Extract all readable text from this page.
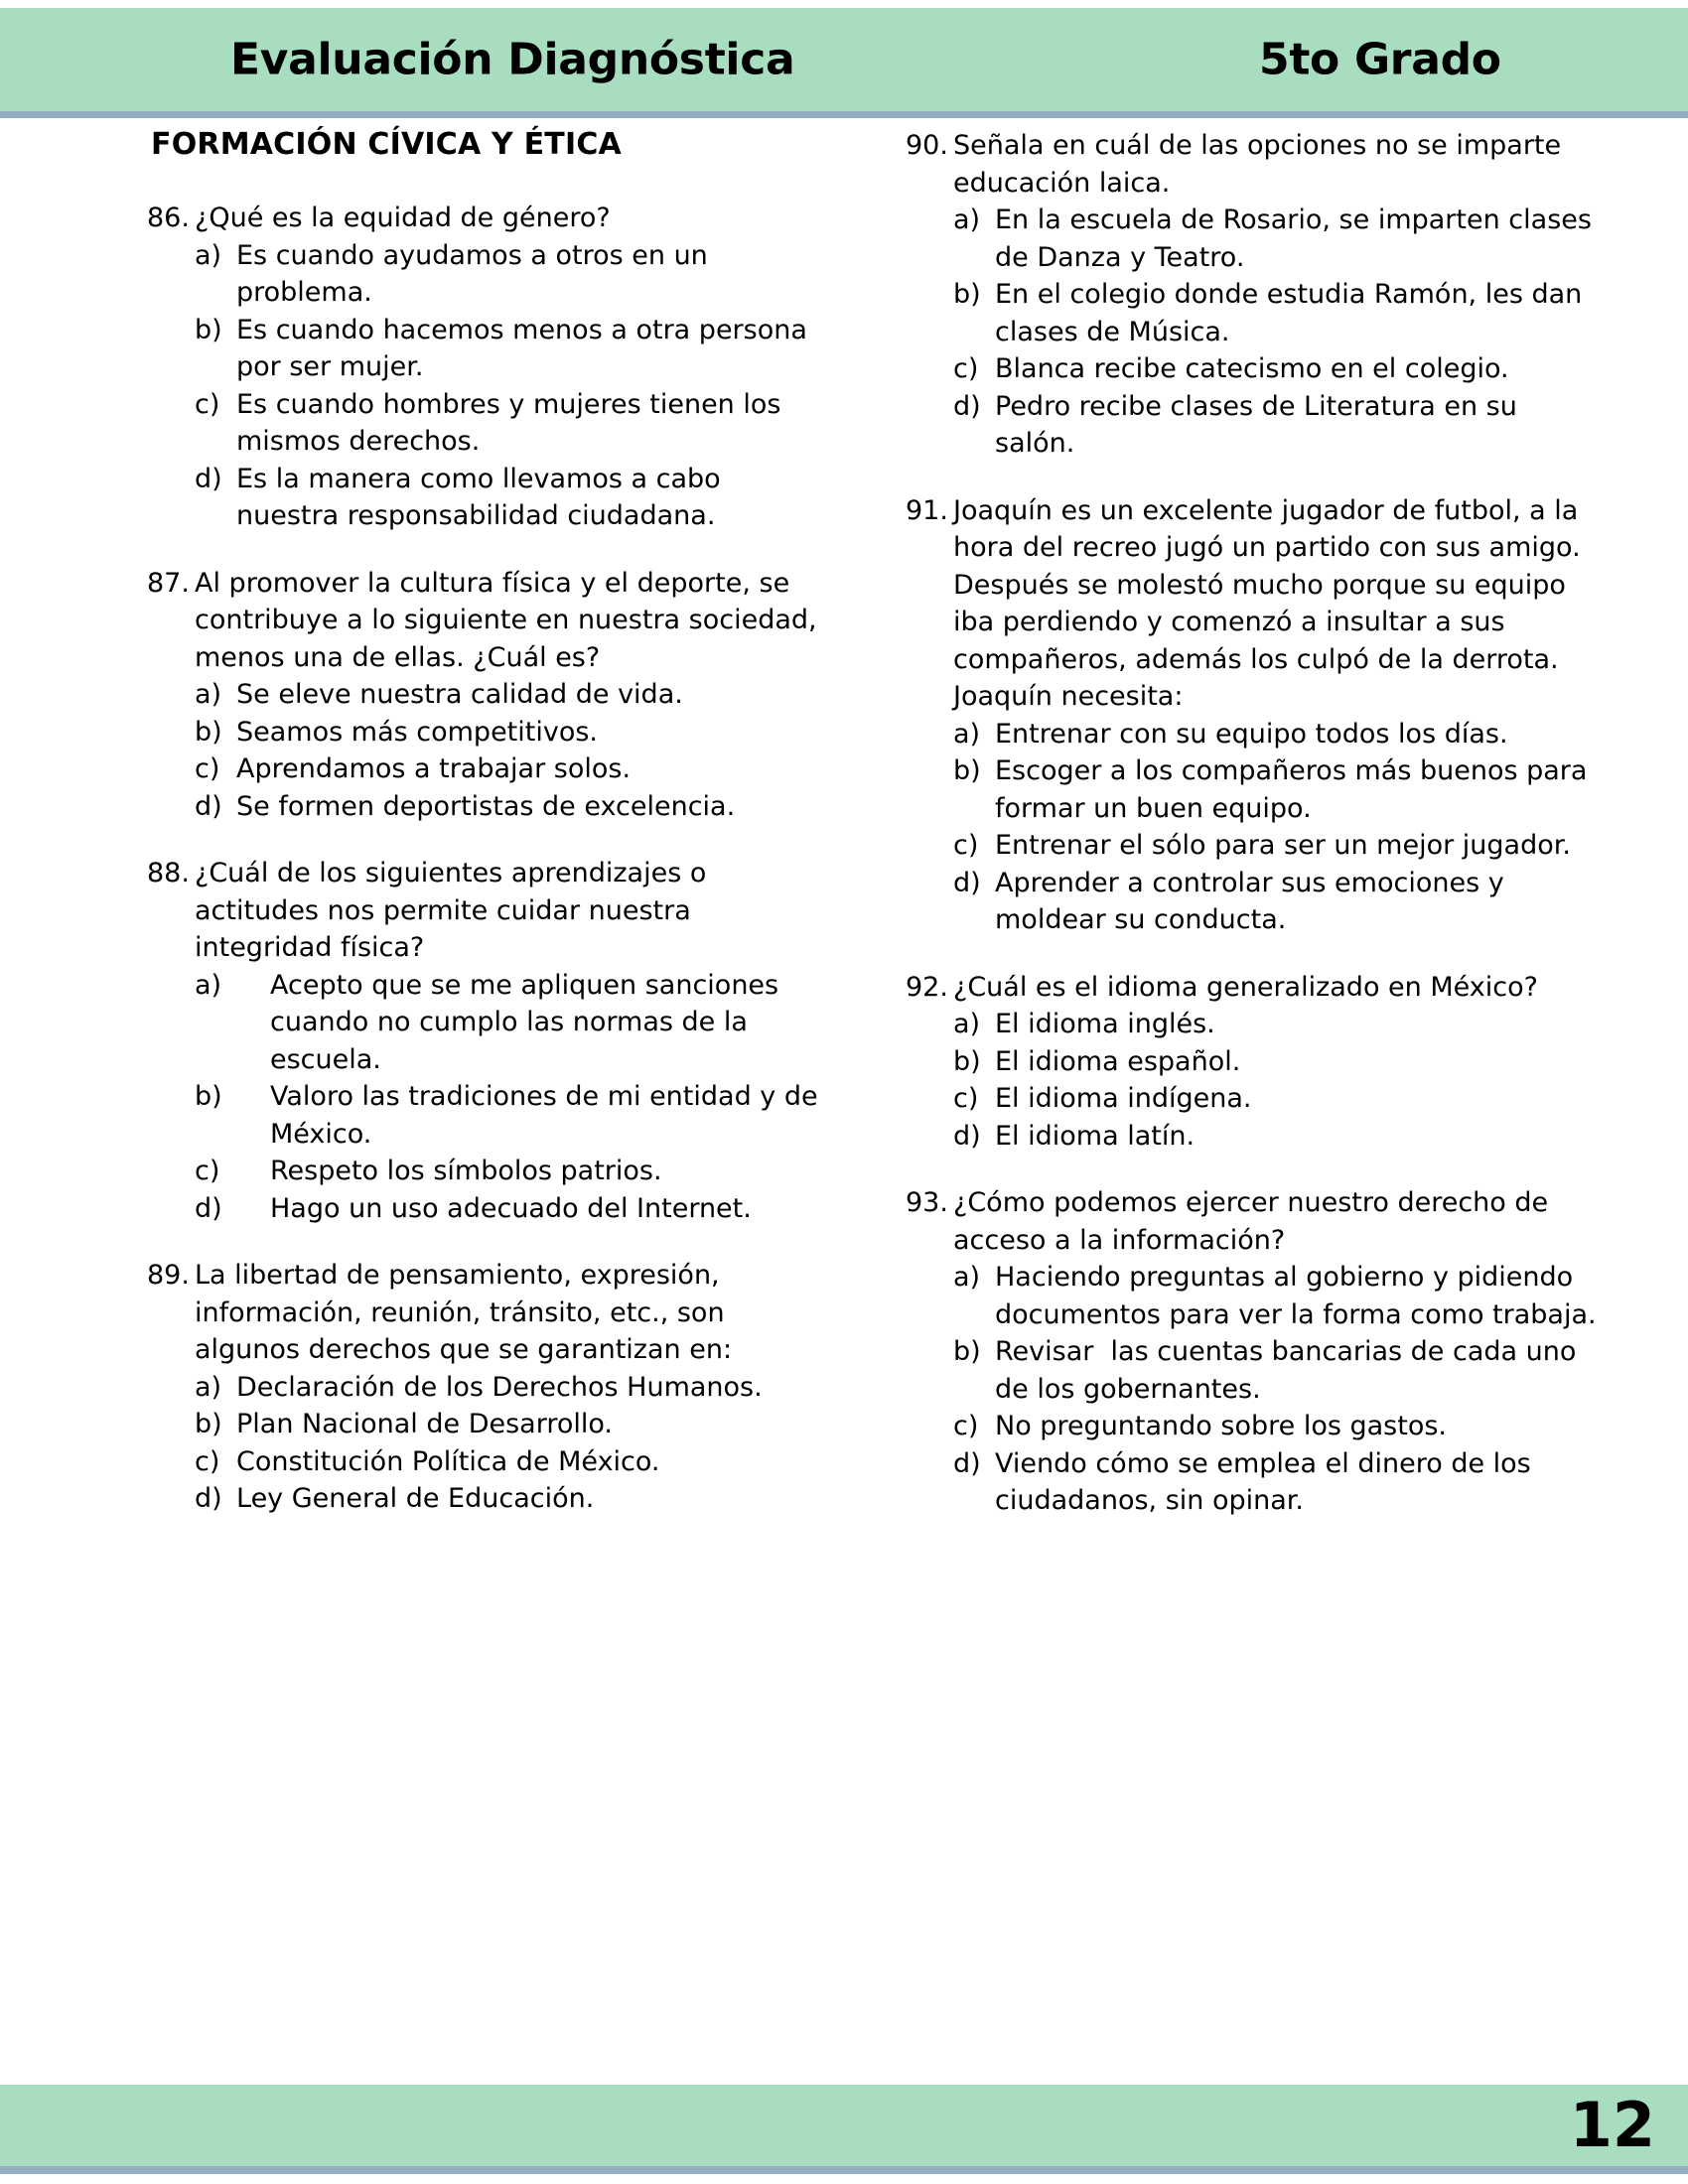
Evaluación Diagnóstica	5to Grado
FORMACIÓN CÍVICA Y ÉTICA
86. ¿Qué es la equidad de género?
a) Es cuando ayudamos a otros en un problema.
b) Es cuando hacemos menos a otra persona por ser mujer.
c) Es cuando hombres y mujeres tienen los mismos derechos.
d) Es la manera como llevamos a cabo nuestra responsabilidad ciudadana.
87. Al promover la cultura física y el deporte, se contribuye a lo siguiente en nuestra sociedad, menos una de ellas. ¿Cuál es?
a) Se eleve nuestra calidad de vida.
b) Seamos más competitivos.
c) Aprendamos a trabajar solos.
d) Se formen deportistas de excelencia.
88. ¿Cuál de los siguientes aprendizajes o actitudes nos permite cuidar nuestra integridad física?
a)	Acepto que se me apliquen sanciones cuando no cumplo las normas de la escuela.
b)	Valoro las tradiciones de mi entidad y de México.
c)	Respeto los símbolos patrios.
d)	Hago un uso adecuado del Internet.
89. La libertad de pensamiento, expresión, información, reunión, tránsito, etc., son algunos derechos que se garantizan en:
a) Declaración de los Derechos Humanos.
b) Plan Nacional de Desarrollo.
c) Constitución Política de México.
d) Ley General de Educación.
90. Señala en cuál de las opciones no se imparte educación laica.
a) En la escuela de Rosario, se imparten clases de Danza y Teatro.
b) En el colegio donde estudia Ramón, les dan clases de Música.
c) Blanca recibe catecismo en el colegio.
d) Pedro recibe clases de Literatura en su salón.
91. Joaquín es un excelente jugador de futbol, a la hora del recreo jugó un partido con sus amigo. Después se molestó mucho porque su equipo iba perdiendo y comenzó a insultar a sus compañeros, además los culpó de la derrota.
Joaquín necesita:
a) Entrenar con su equipo todos los días.
b) Escoger a los compañeros más buenos para formar un buen equipo.
c) Entrenar el sólo para ser un mejor jugador.
d) Aprender a controlar sus emociones y moldear su conducta.
92. ¿Cuál es el idioma generalizado en México?
a) El idioma inglés.
b) El idioma español.
c) El idioma indígena.
d) El idioma latín.
93. ¿Cómo podemos ejercer nuestro derecho de acceso a la información?
a) Haciendo preguntas al gobierno y pidiendo documentos para ver la forma como trabaja.
b) Revisar  las cuentas bancarias de cada uno de los gobernantes.
c) No preguntando sobre los gastos.
d) Viendo cómo se emplea el dinero de los ciudadanos, sin opinar.
12
